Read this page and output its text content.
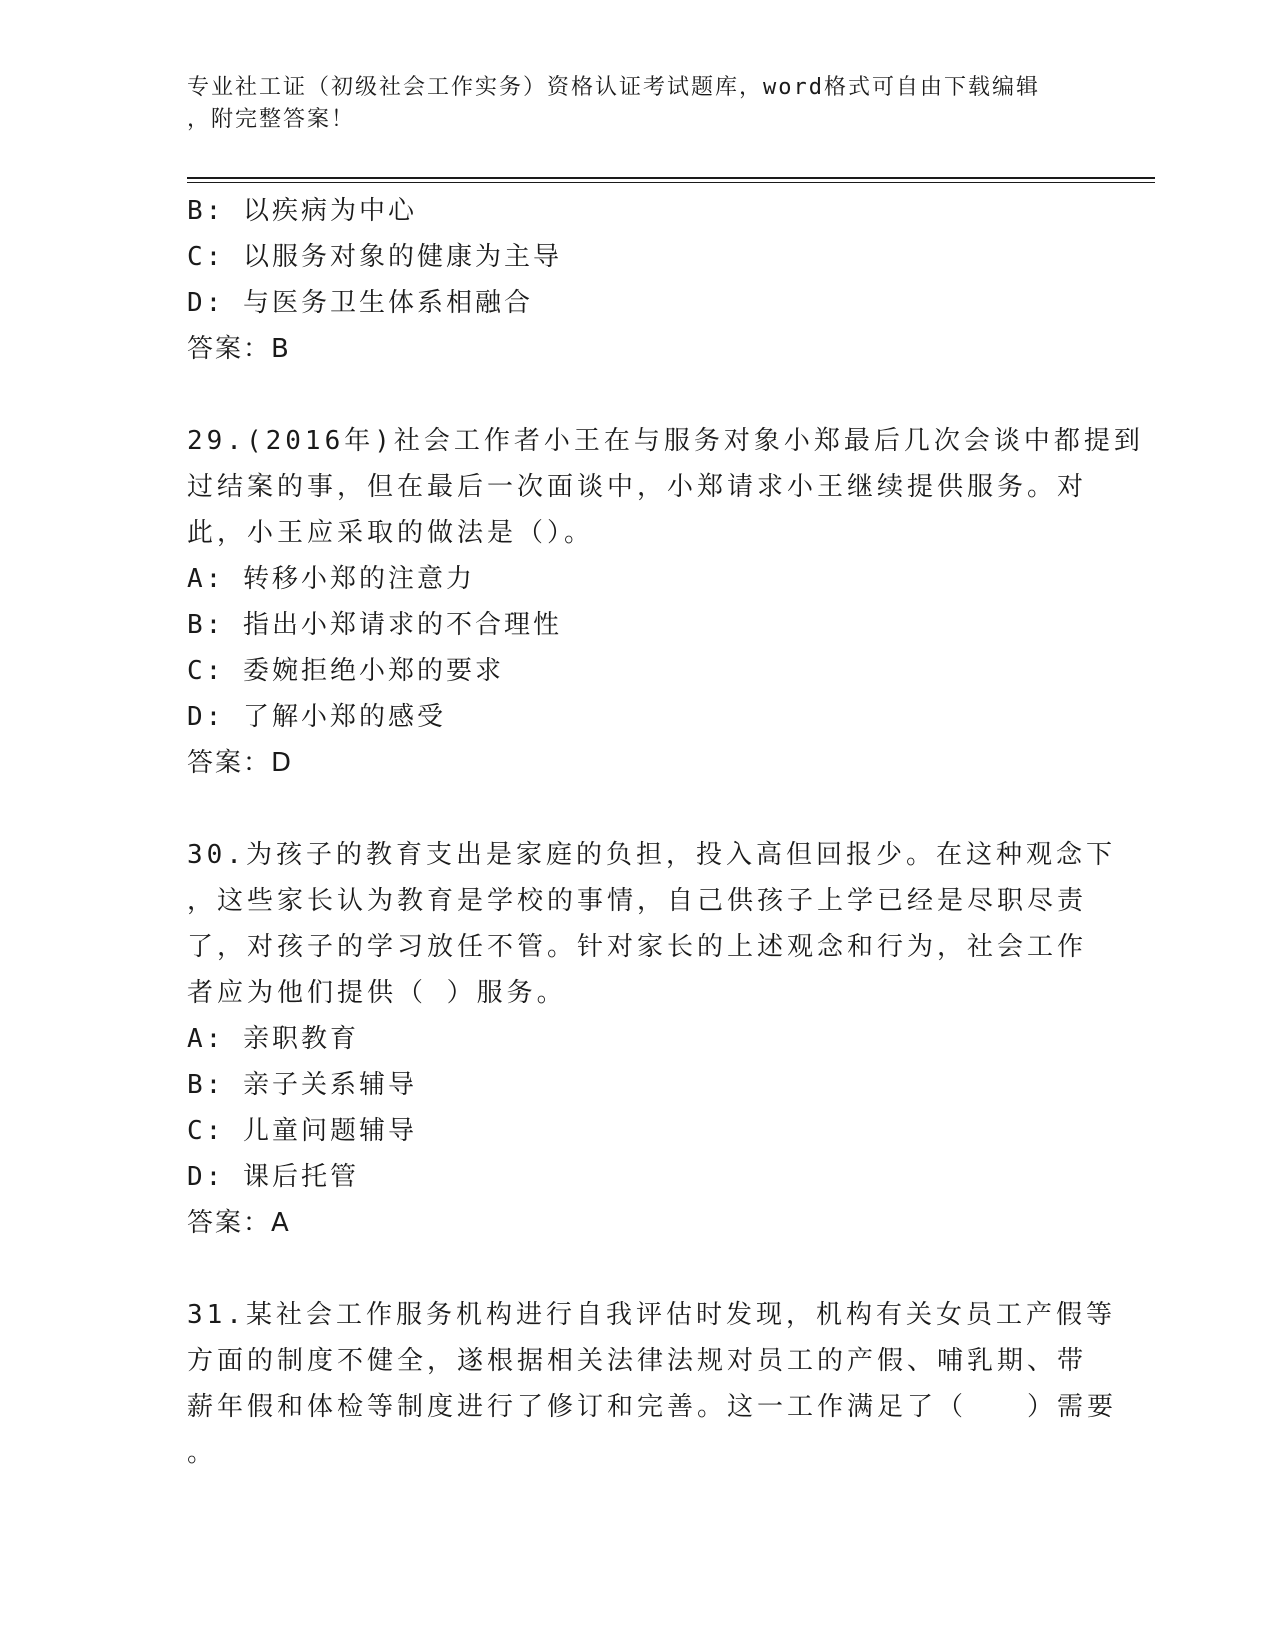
专业社工证（初级社会工作实务）资格认证考试题库，word格式可自由下载编辑
，附完整答案！
B: 以疾病为中心
C: 以服务对象的健康为主导
D: 与医务卫生体系相融合
答案：B
29.(2016年)社会工作者小王在与服务对象小郑最后几次会谈中都提到
过结案的事，但在最后一次面谈中，小郑请求小王继续提供服务。对
此，小王应采取的做法是（）。
A: 转移小郑的注意力
B: 指出小郑请求的不合理性
C: 委婉拒绝小郑的要求
D: 了解小郑的感受
答案：D
30.为孩子的教育支出是家庭的负担，投入高但回报少。在这种观念下
，这些家长认为教育是学校的事情，自己供孩子上学已经是尽职尽责
了，对孩子的学习放任不管。针对家长的上述观念和行为，社会工作
者应为他们提供（ ）服务。
A: 亲职教育
B: 亲子关系辅导
C: 儿童问题辅导
D: 课后托管
答案：A
31.某社会工作服务机构进行自我评估时发现，机构有关女员工产假等
方面的制度不健全，遂根据相关法律法规对员工的产假、哺乳期、带
薪年假和体检等制度进行了修订和完善。这一工作满足了（　　）需要
。
